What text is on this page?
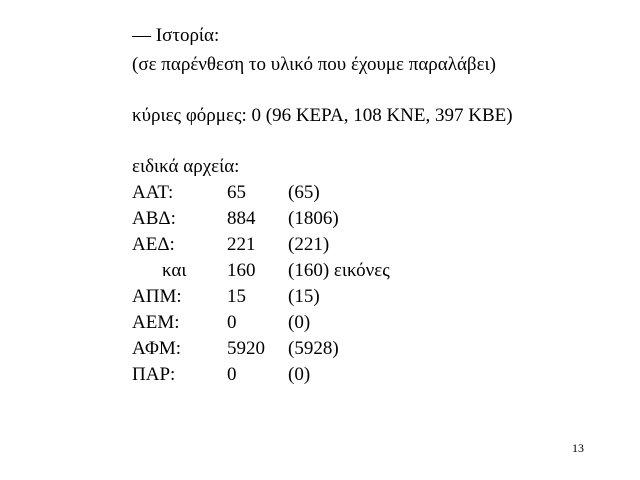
— Ιστορία:
(σε παρένθεση το υλικό που έχουμε παραλάβει)
κύριες φόρμες: 0 (96 ΚΕΡΑ, 108 ΚΝΕ, 397 ΚΒΕ)
ειδικά αρχεία:
ΑΑΤ:	65 (65)
ΑΒΔ:	884 (1806)
ΑΕΔ:	221 (221)
και 160 (160) εικόνες
ΑΠΜ: 15 (15)
ΑΕΜ:	0	(0)
ΑΦΜ: 5920 (5928)
ΠΑΡ:	0	(0)
13
